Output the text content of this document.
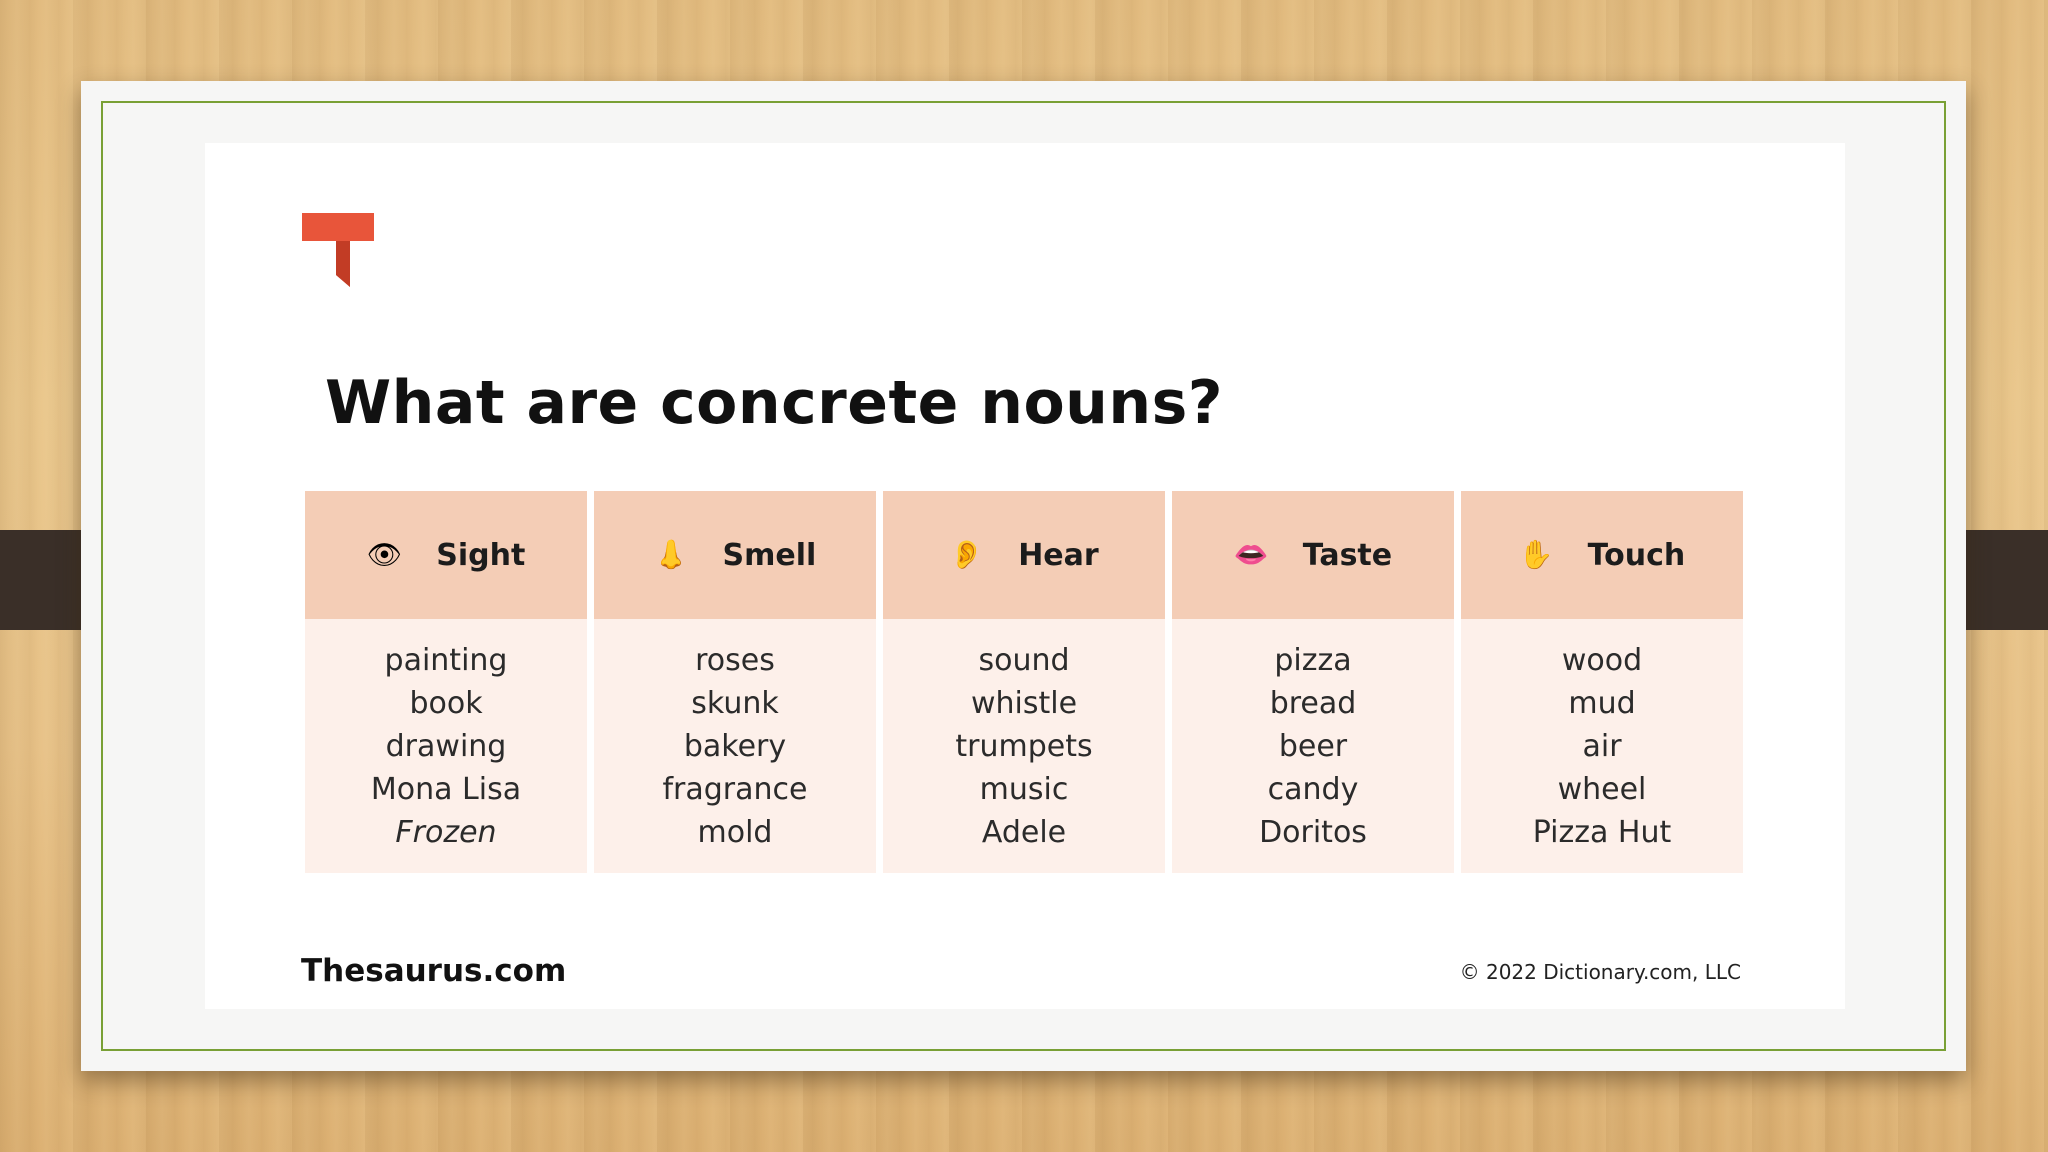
What are concrete nouns?
👁 Sight
painting
book
drawing
Mona Lisa
Frozen
👃 Smell
roses
skunk
bakery
fragrance
mold
👂 Hear
sound
whistle
trumpets
music
Adele
👄 Taste
pizza
bread
beer
candy
Doritos
✋ Touch
wood
mud
air
wheel
Pizza Hut
Thesaurus.com	© 2022 Dictionary.com, LLC
